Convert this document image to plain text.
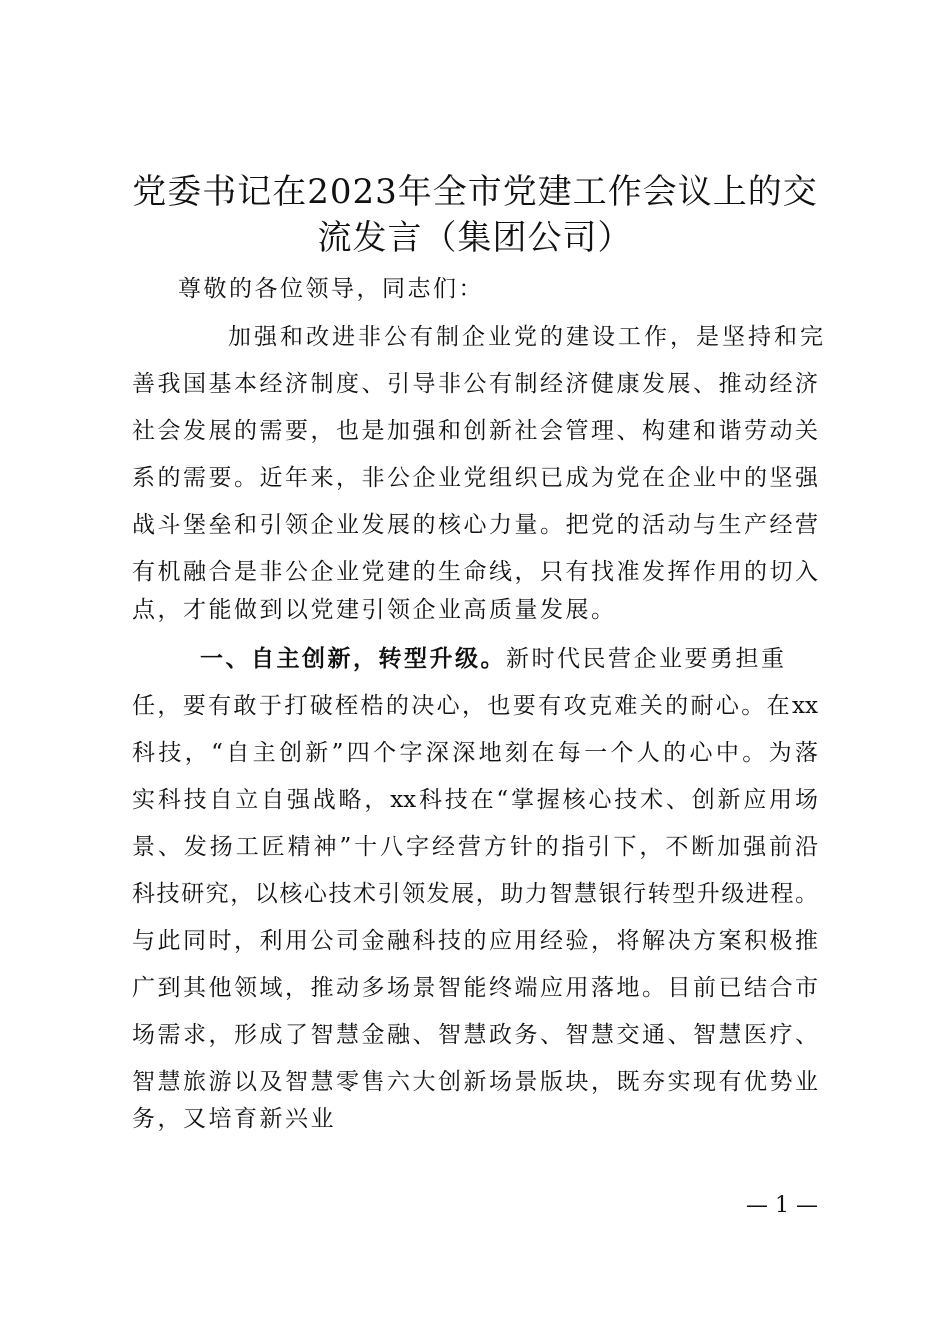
党委书记在2023年全市党建工作会议上的交
流发言（集团公司）
尊敬的各位领导，同志们：
加强和改进非公有制企业党的建设工作，是坚持和完
善我国基本经济制度、引导非公有制经济健康发展、推动经济
社会发展的需要，也是加强和创新社会管理、构建和谐劳动关
系的需要。近年来，非公企业党组织已成为党在企业中的坚强
战斗堡垒和引领企业发展的核心力量。把党的活动与生产经营
有机融合是非公企业党建的生命线，只有找准发挥作用的切入
点，才能做到以党建引领企业高质量发展。
一、自主创新，转型升级。新时代民营企业要勇担重
任，要有敢于打破桎梏的决心，也要有攻克难关的耐心。在xx
科技，“自主创新”四个字深深地刻在每一个人的心中。为落
实科技自立自强战略，xx科技在“掌握核心技术、创新应用场
景、发扬工匠精神”十八字经营方针的指引下，不断加强前沿
科技研究，以核心技术引领发展，助力智慧银行转型升级进程。
与此同时，利用公司金融科技的应用经验，将解决方案积极推
广到其他领域，推动多场景智能终端应用落地。目前已结合市
场需求，形成了智慧金融、智慧政务、智慧交通、智慧医疗、
智慧旅游以及智慧零售六大创新场景版块，既夯实现有优势业
务，又培育新兴业
— 1 —
